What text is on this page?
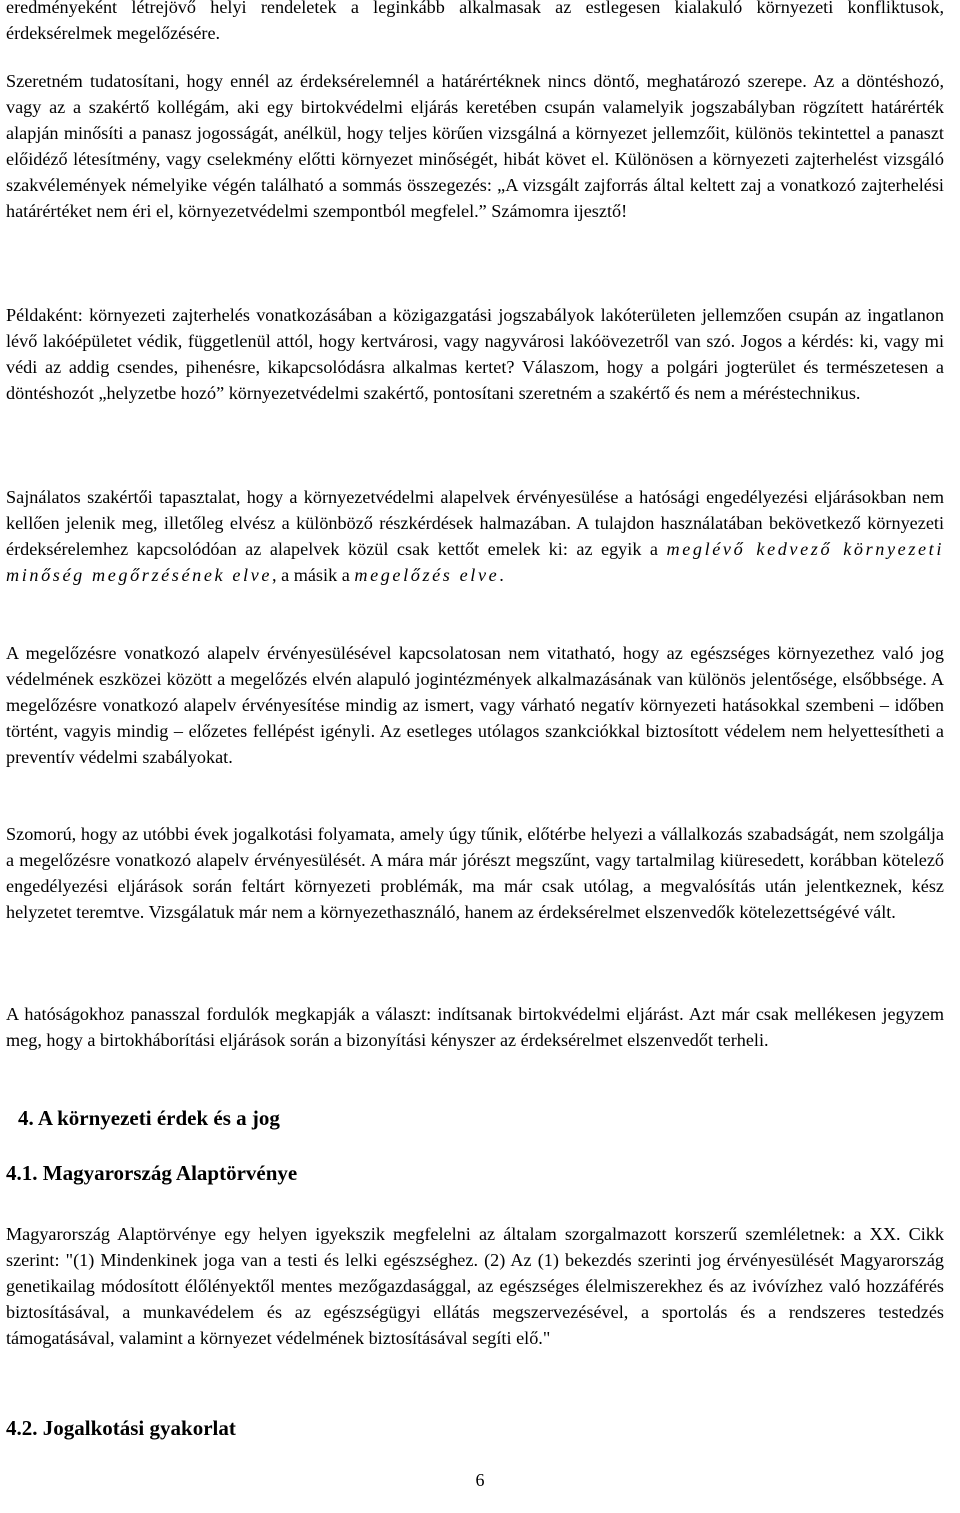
eredményeként létrejövő helyi rendeletek a leginkább alkalmasak az estlegesen kialakuló környezeti konfliktusok, érdeksérelmek megelőzésére.

Szeretném tudatosítani, hogy ennél az érdeksérelemnél a határértéknek nincs döntő, meghatározó szerepe. Az a döntéshozó, vagy az a szakértő kollégám, aki egy birtokvédelmi eljárás keretében csupán valamelyik jogszabályban rögzített határérték alapján minősíti a panasz jogosságát, anélkül, hogy teljes körűen vizsgálná a környezet jellemzőit, különös tekintettel a panaszt előidéző létesítmény, vagy cselekmény előtti környezet minőségét, hibát követ el. Különösen a környezeti zajterhelést vizsgáló szakvélemények némelyike végén található a sommás összegezés: „A vizsgált zajforrás által keltett zaj a vonatkozó zajterhelési határértéket nem éri el, környezetvédelmi szempontból megfelel.” Számomra ijesztő!

Példaként: környezeti zajterhelés vonatkozásában a közigazgatási jogszabályok lakóterületen jellemzően csupán az ingatlanon lévő lakóépületet védik, függetlenül attól, hogy kertvárosi, vagy nagyvárosi lakóövezetről van szó. Jogos a kérdés: ki, vagy mi védi az addig csendes, pihenésre, kikapcsolódásra alkalmas kertet? Válaszom, hogy a polgári jogterület és természetesen a döntéshozót „helyzetbe hozó” környezetvédelmi szakértő, pontosítani szeretném a szakértő és nem a méréstechnikus.

Sajnálatos szakértői tapasztalat, hogy a környezetvédelmi alapelvek érvényesülése a hatósági engedélyezési eljárásokban nem kellően jelenik meg, illetőleg elvész a különböző részkérdések halmazában. A tulajdon használatában bekövetkező környezeti érdeksérelemhez kapcsolódóan az alapelvek közül csak kettőt emelek ki: az egyik a meglévő kedvező környezeti minőség megőrzésének elve, a másik a megelőzés elve.

A megelőzésre vonatkozó alapelv érvényesülésével kapcsolatosan nem vitatható, hogy az egészséges környezethez való jog védelmének eszközei között a megelőzés elvén alapuló jogintézmények alkalmazásának van különös jelentősége, elsőbbsége. A megelőzésre vonatkozó alapelv érvényesítése mindig az ismert, vagy várható negatív környezeti hatásokkal szembeni – időben történt, vagyis mindig – előzetes fellépést igényli. Az esetleges utólagos szankciókkal biztosított védelem nem helyettesítheti a preventív védelmi szabályokat.

Szomorú, hogy az utóbbi évek jogalkotási folyamata, amely úgy tűnik, előtérbe helyezi a vállalkozás szabadságát, nem szolgálja a megelőzésre vonatkozó alapelv érvényesülését. A mára már jórészt megszűnt, vagy tartalmilag kiüresedett, korábban kötelező engedélyezési eljárások során feltárt környezeti problémák, ma már csak utólag, a megvalósítás után jelentkeznek, kész helyzetet teremtve. Vizsgálatuk már nem a környezethasználó, hanem az érdeksérelmet elszenvedők kötelezettségévé vált.

A hatóságokhoz panasszal fordulók megkapják a választ: indítsanak birtokvédelmi eljárást. Azt már csak mellékesen jegyzem meg, hogy a birtokháborítási eljárások során a bizonyítási kényszer az érdeksérelmet elszenvedőt terheli.

4. A környezeti érdek és a jog
4.1. Magyarország Alaptörvénye

Magyarország Alaptörvénye egy helyen igyekszik megfelelni az általam szorgalmazott korszerű szemléletnek: a XX. Cikk szerint: "(1) Mindenkinek joga van a testi és lelki egészséghez. (2) Az (1) bekezdés szerinti jog érvényesülését Magyarország genetikailag módosított élőlényektől mentes mezőgazdasággal, az egészséges élelmiszerekhez és az ivóvízhez való hozzáférés biztosításával, a munkavédelem és az egészségügyi ellátás megszervezésével, a sportolás és a rendszeres testedzés támogatásával, valamint a környezet védelmének biztosításával segíti elő."

4.2. Jogalkotási gyakorlat
6
